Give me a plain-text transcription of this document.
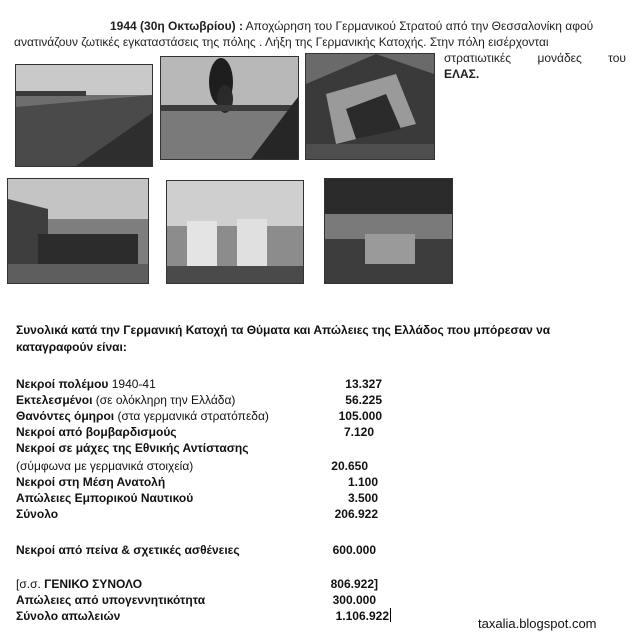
1944 (30η Οκτωβρίου) : Αποχώρηση του Γερμανικού Στρατού από την Θεσσαλονίκη αφού

ανατινάζουν ζωτικές εγκαταστάσεις της πόλης . Λήξη της Γερμανικής Κατοχής. Στην πόλη εισέρχονται

στρατιωτικές μονάδες του
ΕΛΑΣ.

Συνολικά κατά την Γερμανική Κατοχή τα Θύματα και Απώλειες της Ελλάδος που μπόρεσαν να καταγραφούν είναι:

Νεκροί πολέμου 1940-41	13.327
Εκτελεσμένοι (σε ολόκληρη την Ελλάδα)	56.225
Θανόντες όμηροι (στα γερμανικά στρατόπεδα)	105.000
Νεκροί από βομβαρδισμούς	7.120
Νεκροί σε μάχες της Εθνικής Αντίστασης
(σύμφωνα με γερμανικά στοιχεία)	20.650
Νεκροί στη Μέση Ανατολή	1.100
Απώλειες Εμπορικού Ναυτικού	3.500
Σύνολο	206.922
Νεκροί από πείνα & σχετικές ασθένειες	600.000
[σ.σ. ΓΕΝΙΚΟ ΣΥΝΟΛΟ	806.922]
Απώλειες από υπογεννητικότητα	300.000
Σύνολο απωλειών	1.106.922	taxalia.blogspot.com
